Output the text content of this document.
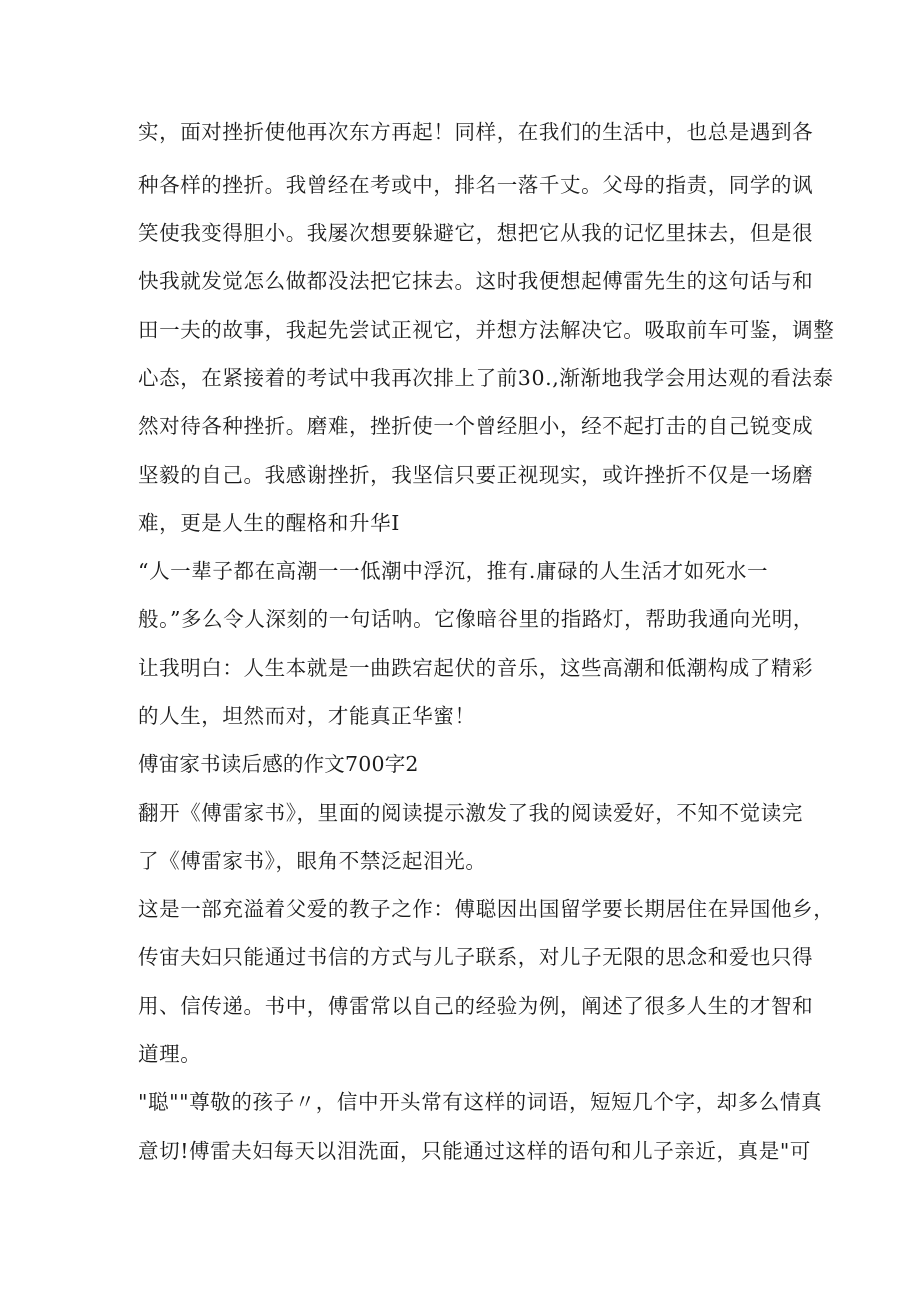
实，面对挫折使他再次东方再起！同样，在我们的生活中，也总是遇到各
种各样的挫折。我曾经在考或中，排名一落千丈。父母的指责，同学的讽
笑使我变得胆小。我屡次想要躲避它，想把它从我的记忆里抹去，但是很
快我就发觉怎么做都没法把它抹去。这时我便想起傅雷先生的这句话与和
田一夫的故事，我起先尝试正视它，并想方法解决它。吸取前车可鉴，调整
心态，在紧接着的考试中我再次排上了前30.,渐渐地我学会用达观的看法泰
然对待各种挫折。磨难，挫折使一个曾经胆小，经不起打击的自己锐变成
坚毅的自己。我感谢挫折，我坚信只要正视现实，或许挫折不仅是一场磨
难，更是人生的醒格和升华I
“人一辈子都在高潮一一低潮中浮沉，推有.庸碌的人生活才如死水一
般。”多么令人深刻的一句话呐。它像暗谷里的指路灯，帮助我通向光明，
让我明白：人生本就是一曲跌宕起伏的音乐，这些高潮和低潮构成了精彩
的人生，坦然而对，才能真正华蜜！
傅宙家书读后感的作文700字2
翻开《傅雷家书》，里面的阅读提示激发了我的阅读爱好，不知不觉读完
了《傅雷家书》，眼角不禁泛起泪光。
这是一部充溢着父爱的教子之作：傅聪因出国留学要长期居住在异国他乡，
传宙夫妇只能通过书信的方式与儿子联系，对儿子无限的思念和爱也只得
用、信传递。书中，傅雷常以自己的经验为例，阐述了很多人生的才智和
道理。
"聪""尊敬的孩子〃，信中开头常有这样的词语，短短几个字，却多么情真
意切!傅雷夫妇每天以泪洗面，只能通过这样的语句和儿子亲近，真是"可
